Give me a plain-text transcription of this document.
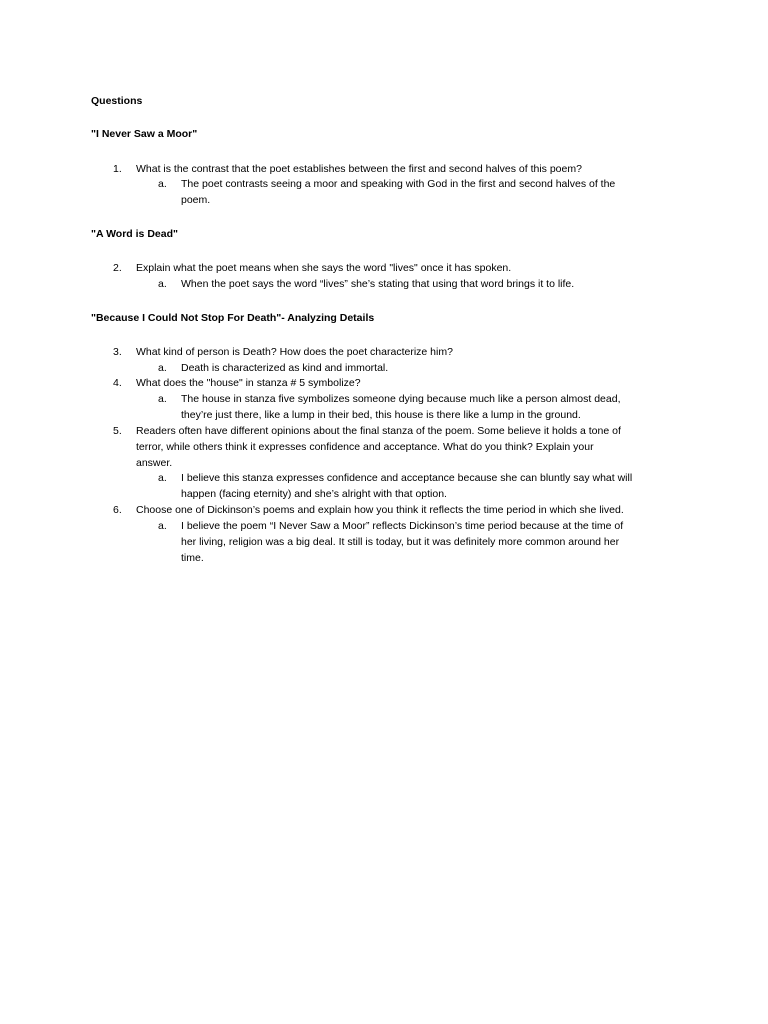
Questions
"I Never Saw a Moor"
1. What is the contrast that the poet establishes between the first and second halves of this poem?
a. The poet contrasts seeing a moor and speaking with God in the first and second halves of the
poem.
"A Word is Dead"
2. Explain what the poet means when she says the word "lives" once it has spoken.
a. When the poet says the word “lives” she’s stating that using that word brings it to life.
"Because I Could Not Stop For Death"- Analyzing Details
3. What kind of person is Death? How does the poet characterize him?
a. Death is characterized as kind and immortal.
4. What does the "house" in stanza # 5 symbolize?
a. The house in stanza five symbolizes someone dying because much like a person almost dead,
they’re just there, like a lump in their bed, this house is there like a lump in the ground.
5. Readers often have different opinions about the final stanza of the poem. Some believe it holds a tone of
terror, while others think it expresses confidence and acceptance. What do you think? Explain your
answer.
a. I believe this stanza expresses confidence and acceptance because she can bluntly say what will
happen (facing eternity) and she’s alright with that option.
6. Choose one of Dickinson’s poems and explain how you think it reflects the time period in which she lived.
a. I believe the poem “I Never Saw a Moor” reflects Dickinson’s time period because at the time of
her living, religion was a big deal. It still is today, but it was definitely more common around her
time.
